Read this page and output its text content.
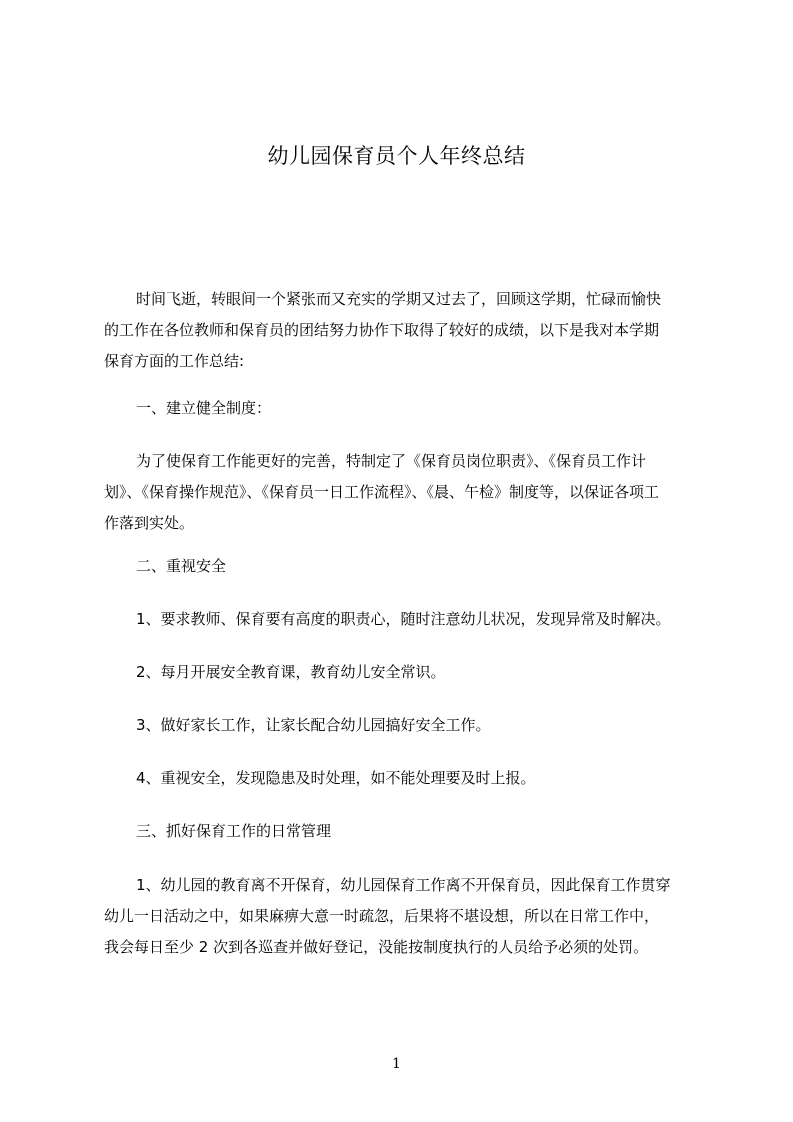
幼儿园保育员个人年终总结
时间飞逝，转眼间一个紧张而又充实的学期又过去了，回顾这学期，忙碌而愉快
的工作在各位教师和保育员的团结努力协作下取得了较好的成绩，以下是我对本学期
保育方面的工作总结:
一、建立健全制度：
为了使保育工作能更好的完善，特制定了《保育员岗位职责》、《保育员工作计
划》、《保育操作规范》、《保育员一日工作流程》、《晨、午检》制度等，以保证各项工
作落到实处。
二、重视安全
1、要求教师、保育要有高度的职责心，随时注意幼儿状况，发现异常及时解决。
2、每月开展安全教育课，教育幼儿安全常识。
3、做好家长工作，让家长配合幼儿园搞好安全工作。
4、重视安全，发现隐患及时处理，如不能处理要及时上报。
三、抓好保育工作的日常管理
1、幼儿园的教育离不开保育，幼儿园保育工作离不开保育员，因此保育工作贯穿
幼儿一日活动之中，如果麻痹大意一时疏忽，后果将不堪设想，所以在日常工作中，
我会每日至少 2 次到各巡查并做好登记，没能按制度执行的人员给予必须的处罚。
1
